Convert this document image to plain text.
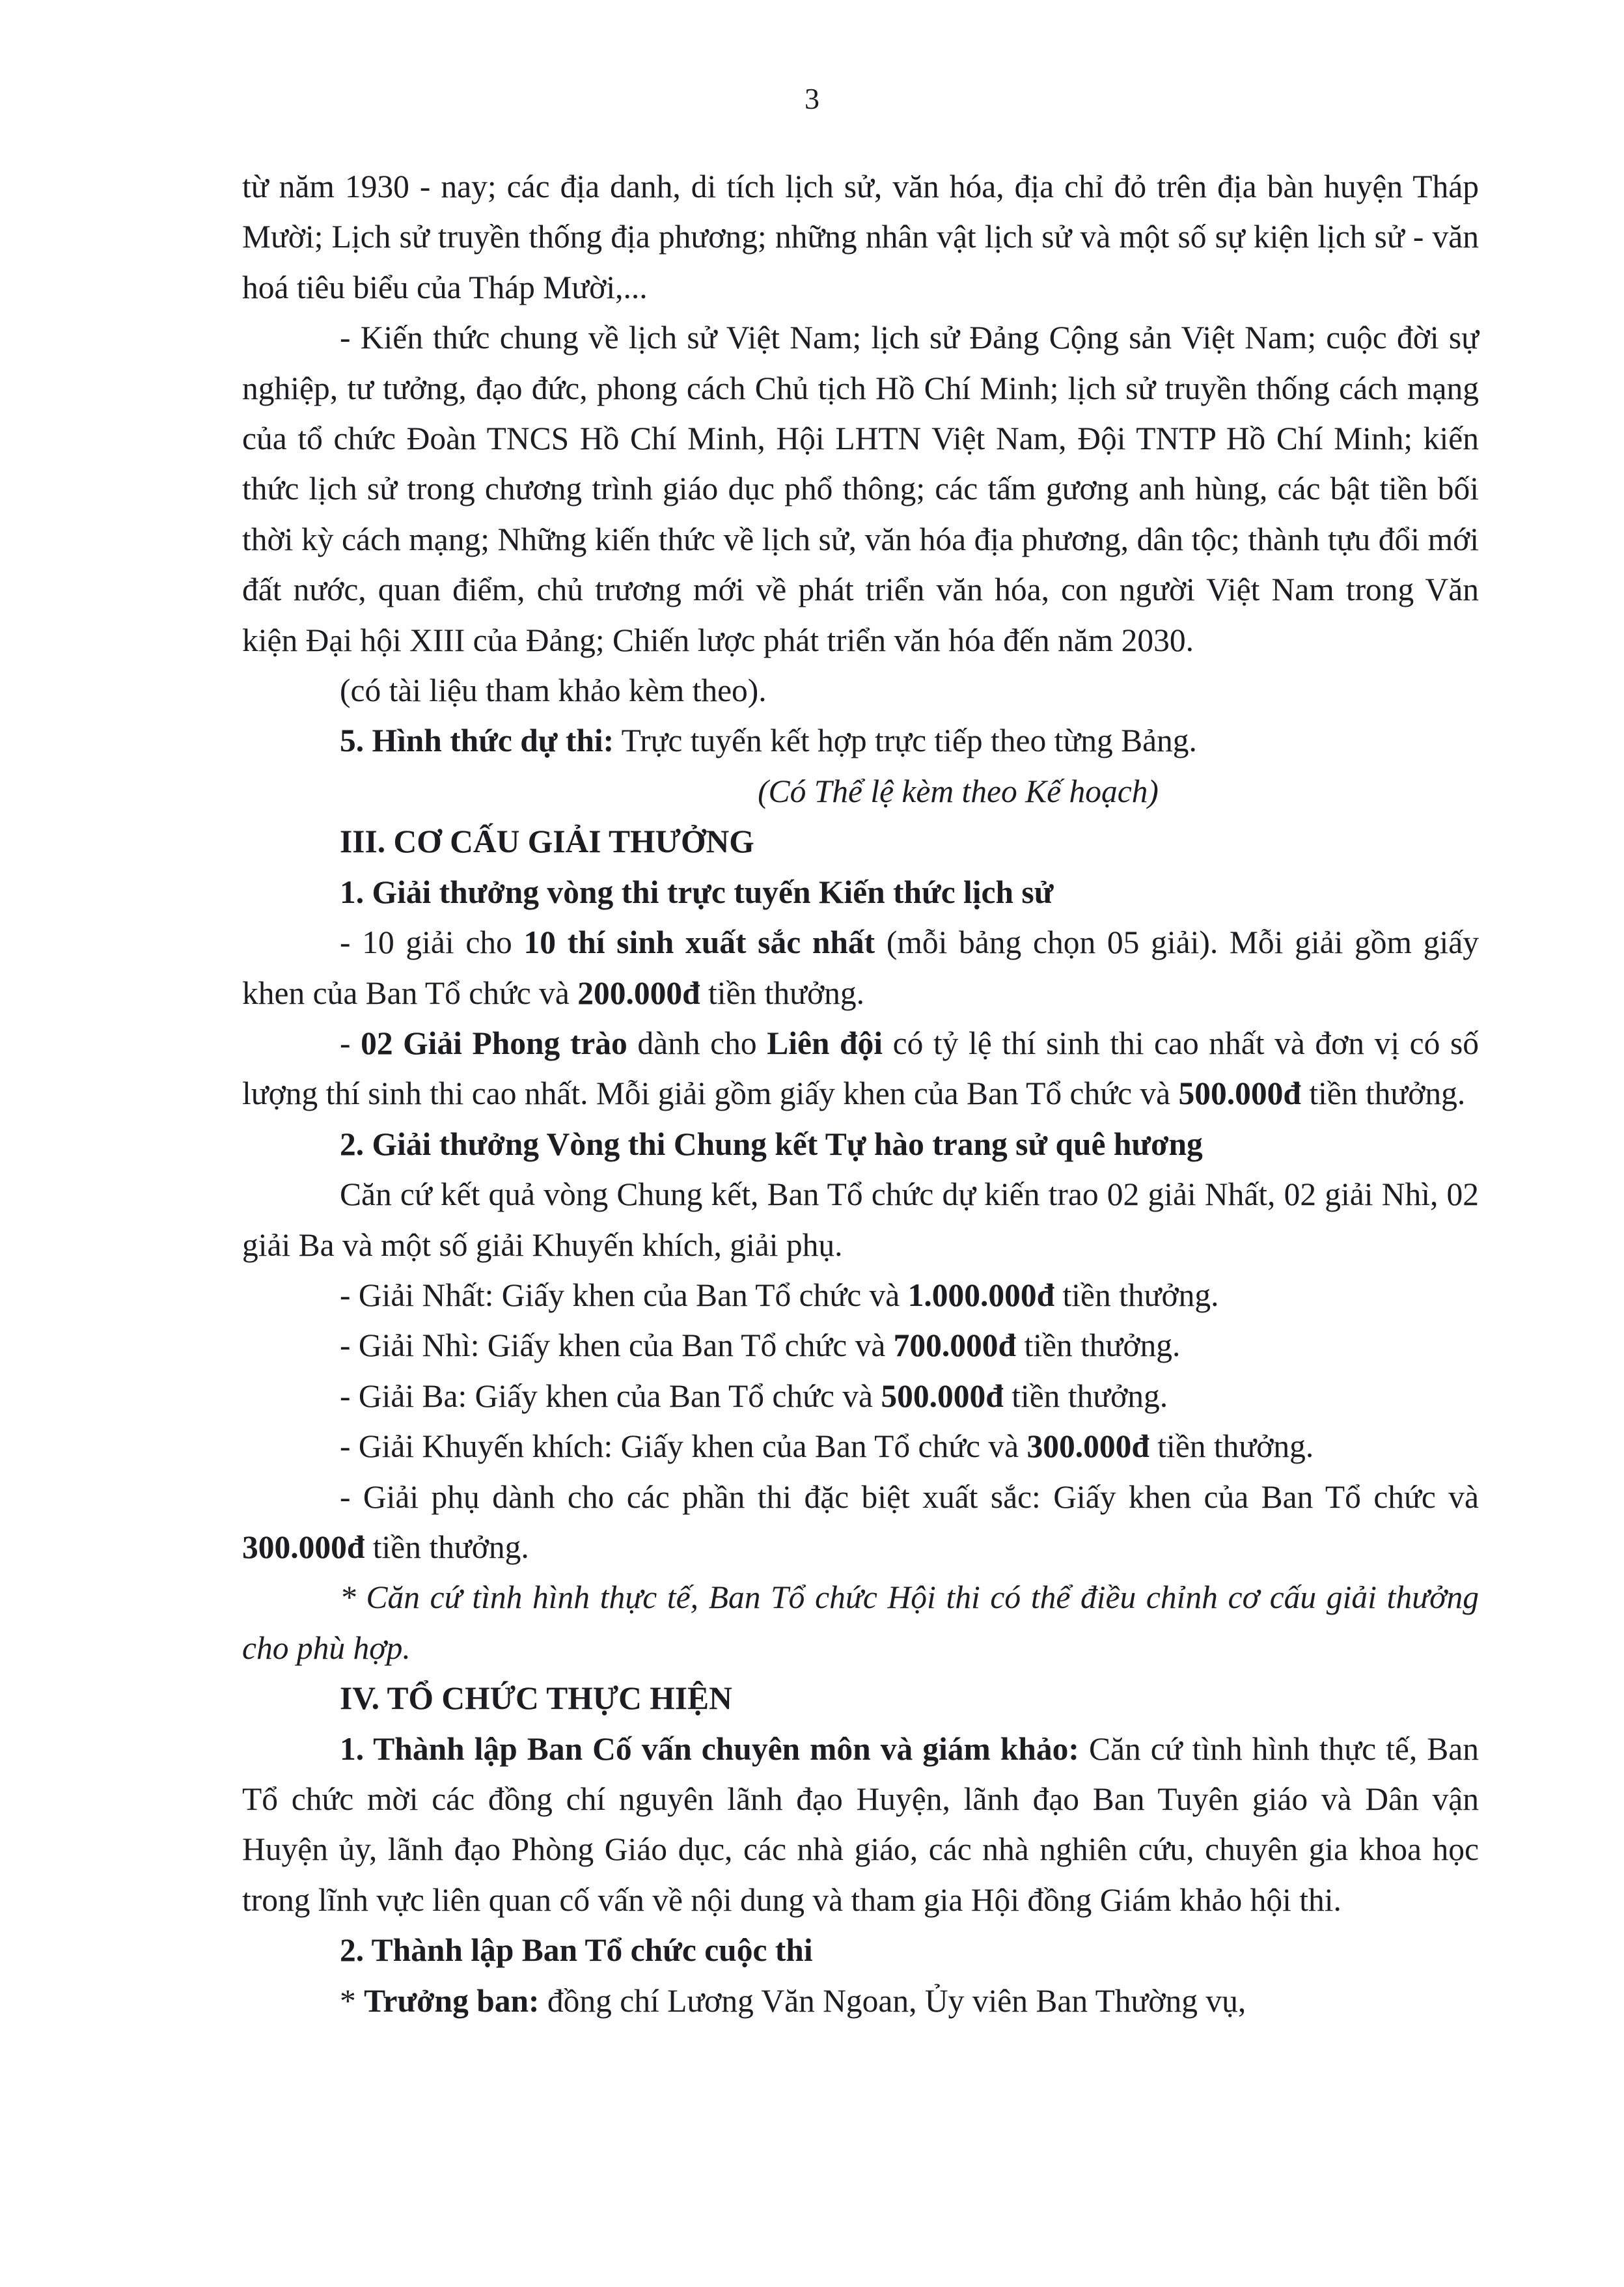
3

từ năm 1930 - nay; các địa danh, di tích lịch sử, văn hóa, địa chỉ đỏ trên địa bàn huyện Tháp Mười; Lịch sử truyền thống địa phương; những nhân vật lịch sử và một số sự kiện lịch sử - văn hoá tiêu biểu của Tháp Mười,...

- Kiến thức chung về lịch sử Việt Nam; lịch sử Đảng Cộng sản Việt Nam; cuộc đời sự nghiệp, tư tưởng, đạo đức, phong cách Chủ tịch Hồ Chí Minh; lịch sử truyền thống cách mạng của tổ chức Đoàn TNCS Hồ Chí Minh, Hội LHTN Việt Nam, Đội TNTP Hồ Chí Minh; kiến thức lịch sử trong chương trình giáo dục phổ thông; các tấm gương anh hùng, các bật tiền bối thời kỳ cách mạng; Những kiến thức về lịch sử, văn hóa địa phương, dân tộc; thành tựu đổi mới đất nước, quan điểm, chủ trương mới về phát triển văn hóa, con người Việt Nam trong Văn kiện Đại hội XIII của Đảng; Chiến lược phát triển văn hóa đến năm 2030.

(có tài liệu tham khảo kèm theo).

5. Hình thức dự thi: Trực tuyến kết hợp trực tiếp theo từng Bảng.

(Có Thể lệ kèm theo Kế hoạch)

III. CƠ CẤU GIẢI THƯỞNG

1. Giải thưởng vòng thi trực tuyến Kiến thức lịch sử

- 10 giải cho 10 thí sinh xuất sắc nhất (mỗi bảng chọn 05 giải). Mỗi giải gồm giấy khen của Ban Tổ chức và 200.000đ tiền thưởng.

- 02 Giải Phong trào dành cho Liên đội có tỷ lệ thí sinh thi cao nhất và đơn vị có số lượng thí sinh thi cao nhất. Mỗi giải gồm giấy khen của Ban Tổ chức và 500.000đ tiền thưởng.

2. Giải thưởng Vòng thi Chung kết Tự hào trang sử quê hương

Căn cứ kết quả vòng Chung kết, Ban Tổ chức dự kiến trao 02 giải Nhất, 02 giải Nhì, 02 giải Ba và một số giải Khuyến khích, giải phụ.

- Giải Nhất: Giấy khen của Ban Tổ chức và 1.000.000đ tiền thưởng.

- Giải Nhì: Giấy khen của Ban Tổ chức và 700.000đ tiền thưởng.

- Giải Ba: Giấy khen của Ban Tổ chức và 500.000đ tiền thưởng.

- Giải Khuyến khích: Giấy khen của Ban Tổ chức và 300.000đ tiền thưởng.

- Giải phụ dành cho các phần thi đặc biệt xuất sắc: Giấy khen của Ban Tổ chức và 300.000đ tiền thưởng.

* Căn cứ tình hình thực tế, Ban Tổ chức Hội thi có thể điều chỉnh cơ cấu giải thưởng cho phù hợp.

IV. TỔ CHỨC THỰC HIỆN

1. Thành lập Ban Cố vấn chuyên môn và giám khảo: Căn cứ tình hình thực tế, Ban Tổ chức mời các đồng chí nguyên lãnh đạo Huyện, lãnh đạo Ban Tuyên giáo và Dân vận Huyện ủy, lãnh đạo Phòng Giáo dục, các nhà giáo, các nhà nghiên cứu, chuyên gia khoa học trong lĩnh vực liên quan cố vấn về nội dung và tham gia Hội đồng Giám khảo hội thi.

2. Thành lập Ban Tổ chức cuộc thi

* Trưởng ban: đồng chí Lương Văn Ngoan, Ủy viên Ban Thường vụ,
